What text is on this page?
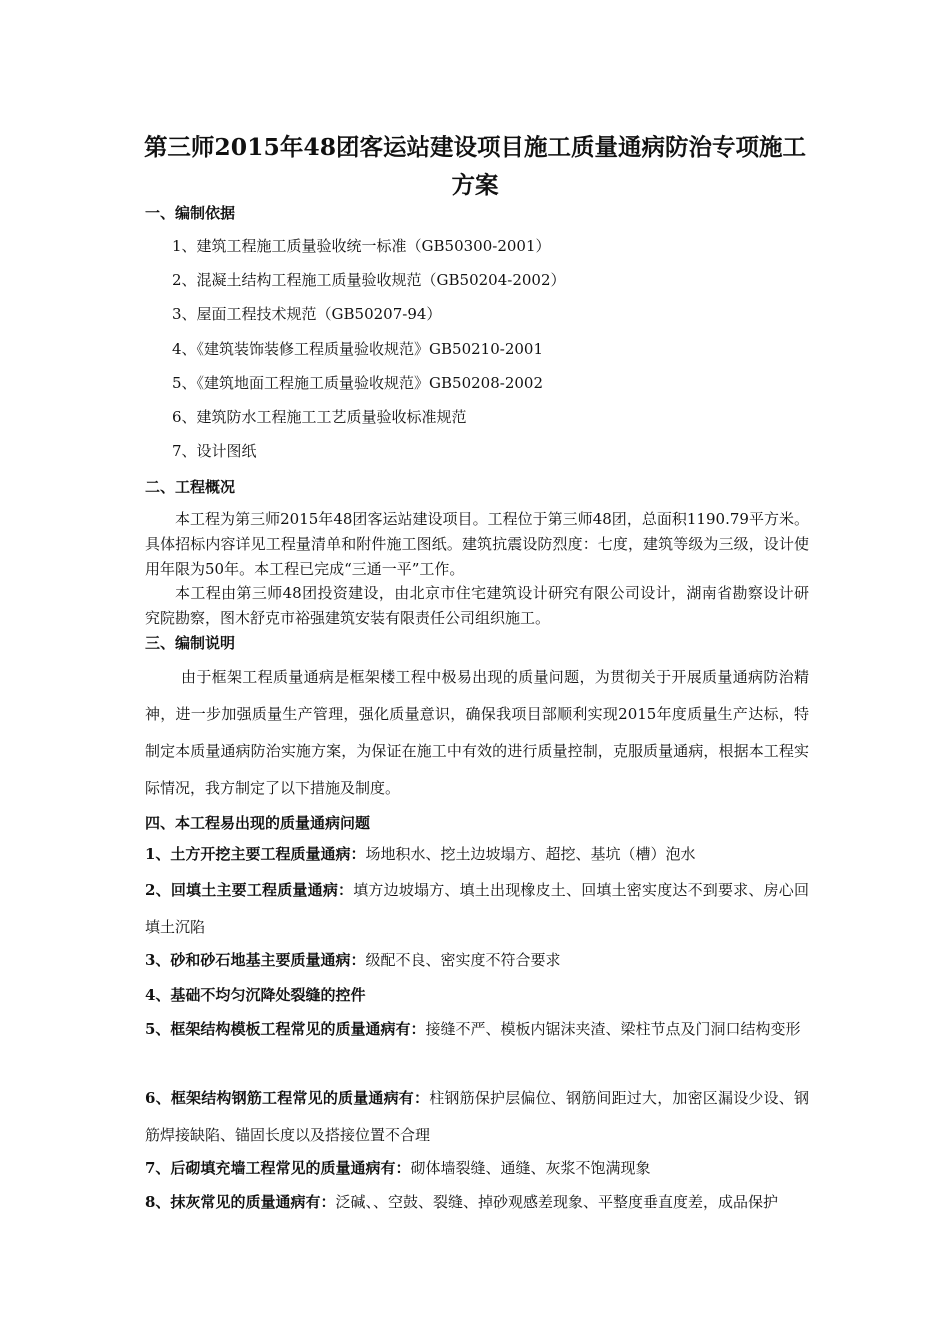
第三师2015年48团客运站建设项目施工质量通病防治专项施工方案
一、编制依据
1、建筑工程施工质量验收统一标准（GB50300-2001）
2、混凝土结构工程施工质量验收规范（GB50204-2002）
3、屋面工程技术规范（GB50207-94）
4、《建筑装饰装修工程质量验收规范》GB50210-2001
5、《建筑地面工程施工质量验收规范》GB50208-2002
6、建筑防水工程施工工艺质量验收标准规范
7、设计图纸
二、工程概况
本工程为第三师2015年48团客运站建设项目。工程位于第三师48团，总面积1190.79平方米。具体招标内容详见工程量清单和附件施工图纸。建筑抗震设防烈度：七度，建筑等级为三级，设计使用年限为50年。本工程已完成“三通一平”工作。
本工程由第三师48团投资建设，由北京市住宅建筑设计研究有限公司设计，湖南省勘察设计研究院勘察，图木舒克市裕强建筑安装有限责任公司组织施工。
三、编制说明
由于框架工程质量通病是框架楼工程中极易出现的质量问题，为贯彻关于开展质量通病防治精神，进一步加强质量生产管理，强化质量意识，确保我项目部顺利实现2015年度质量生产达标，特制定本质量通病防治实施方案，为保证在施工中有效的进行质量控制，克服质量通病，根据本工程实际情况，我方制定了以下措施及制度。
四、本工程易出现的质量通病问题
1、土方开挖主要工程质量通病：场地积水、挖土边坡塌方、超挖、基坑（槽）泡水
2、回填土主要工程质量通病：填方边坡塌方、填土出现橡皮土、回填土密实度达不到要求、房心回填土沉陷
3、砂和砂石地基主要质量通病：级配不良、密实度不符合要求
4、基础不均匀沉降处裂缝的控件
5、框架结构模板工程常见的质量通病有：接缝不严、模板内锯沫夹渣、梁柱节点及门洞口结构变形
6、框架结构钢筋工程常见的质量通病有：柱钢筋保护层偏位、钢筋间距过大，加密区漏设少设、钢筋焊接缺陷、锚固长度以及搭接位置不合理
7、后砌填充墙工程常见的质量通病有：砌体墙裂缝、通缝、灰浆不饱满现象
8、抹灰常见的质量通病有：泛碱、、空鼓、裂缝、掉砂观感差现象、平整度垂直度差，成品保护
